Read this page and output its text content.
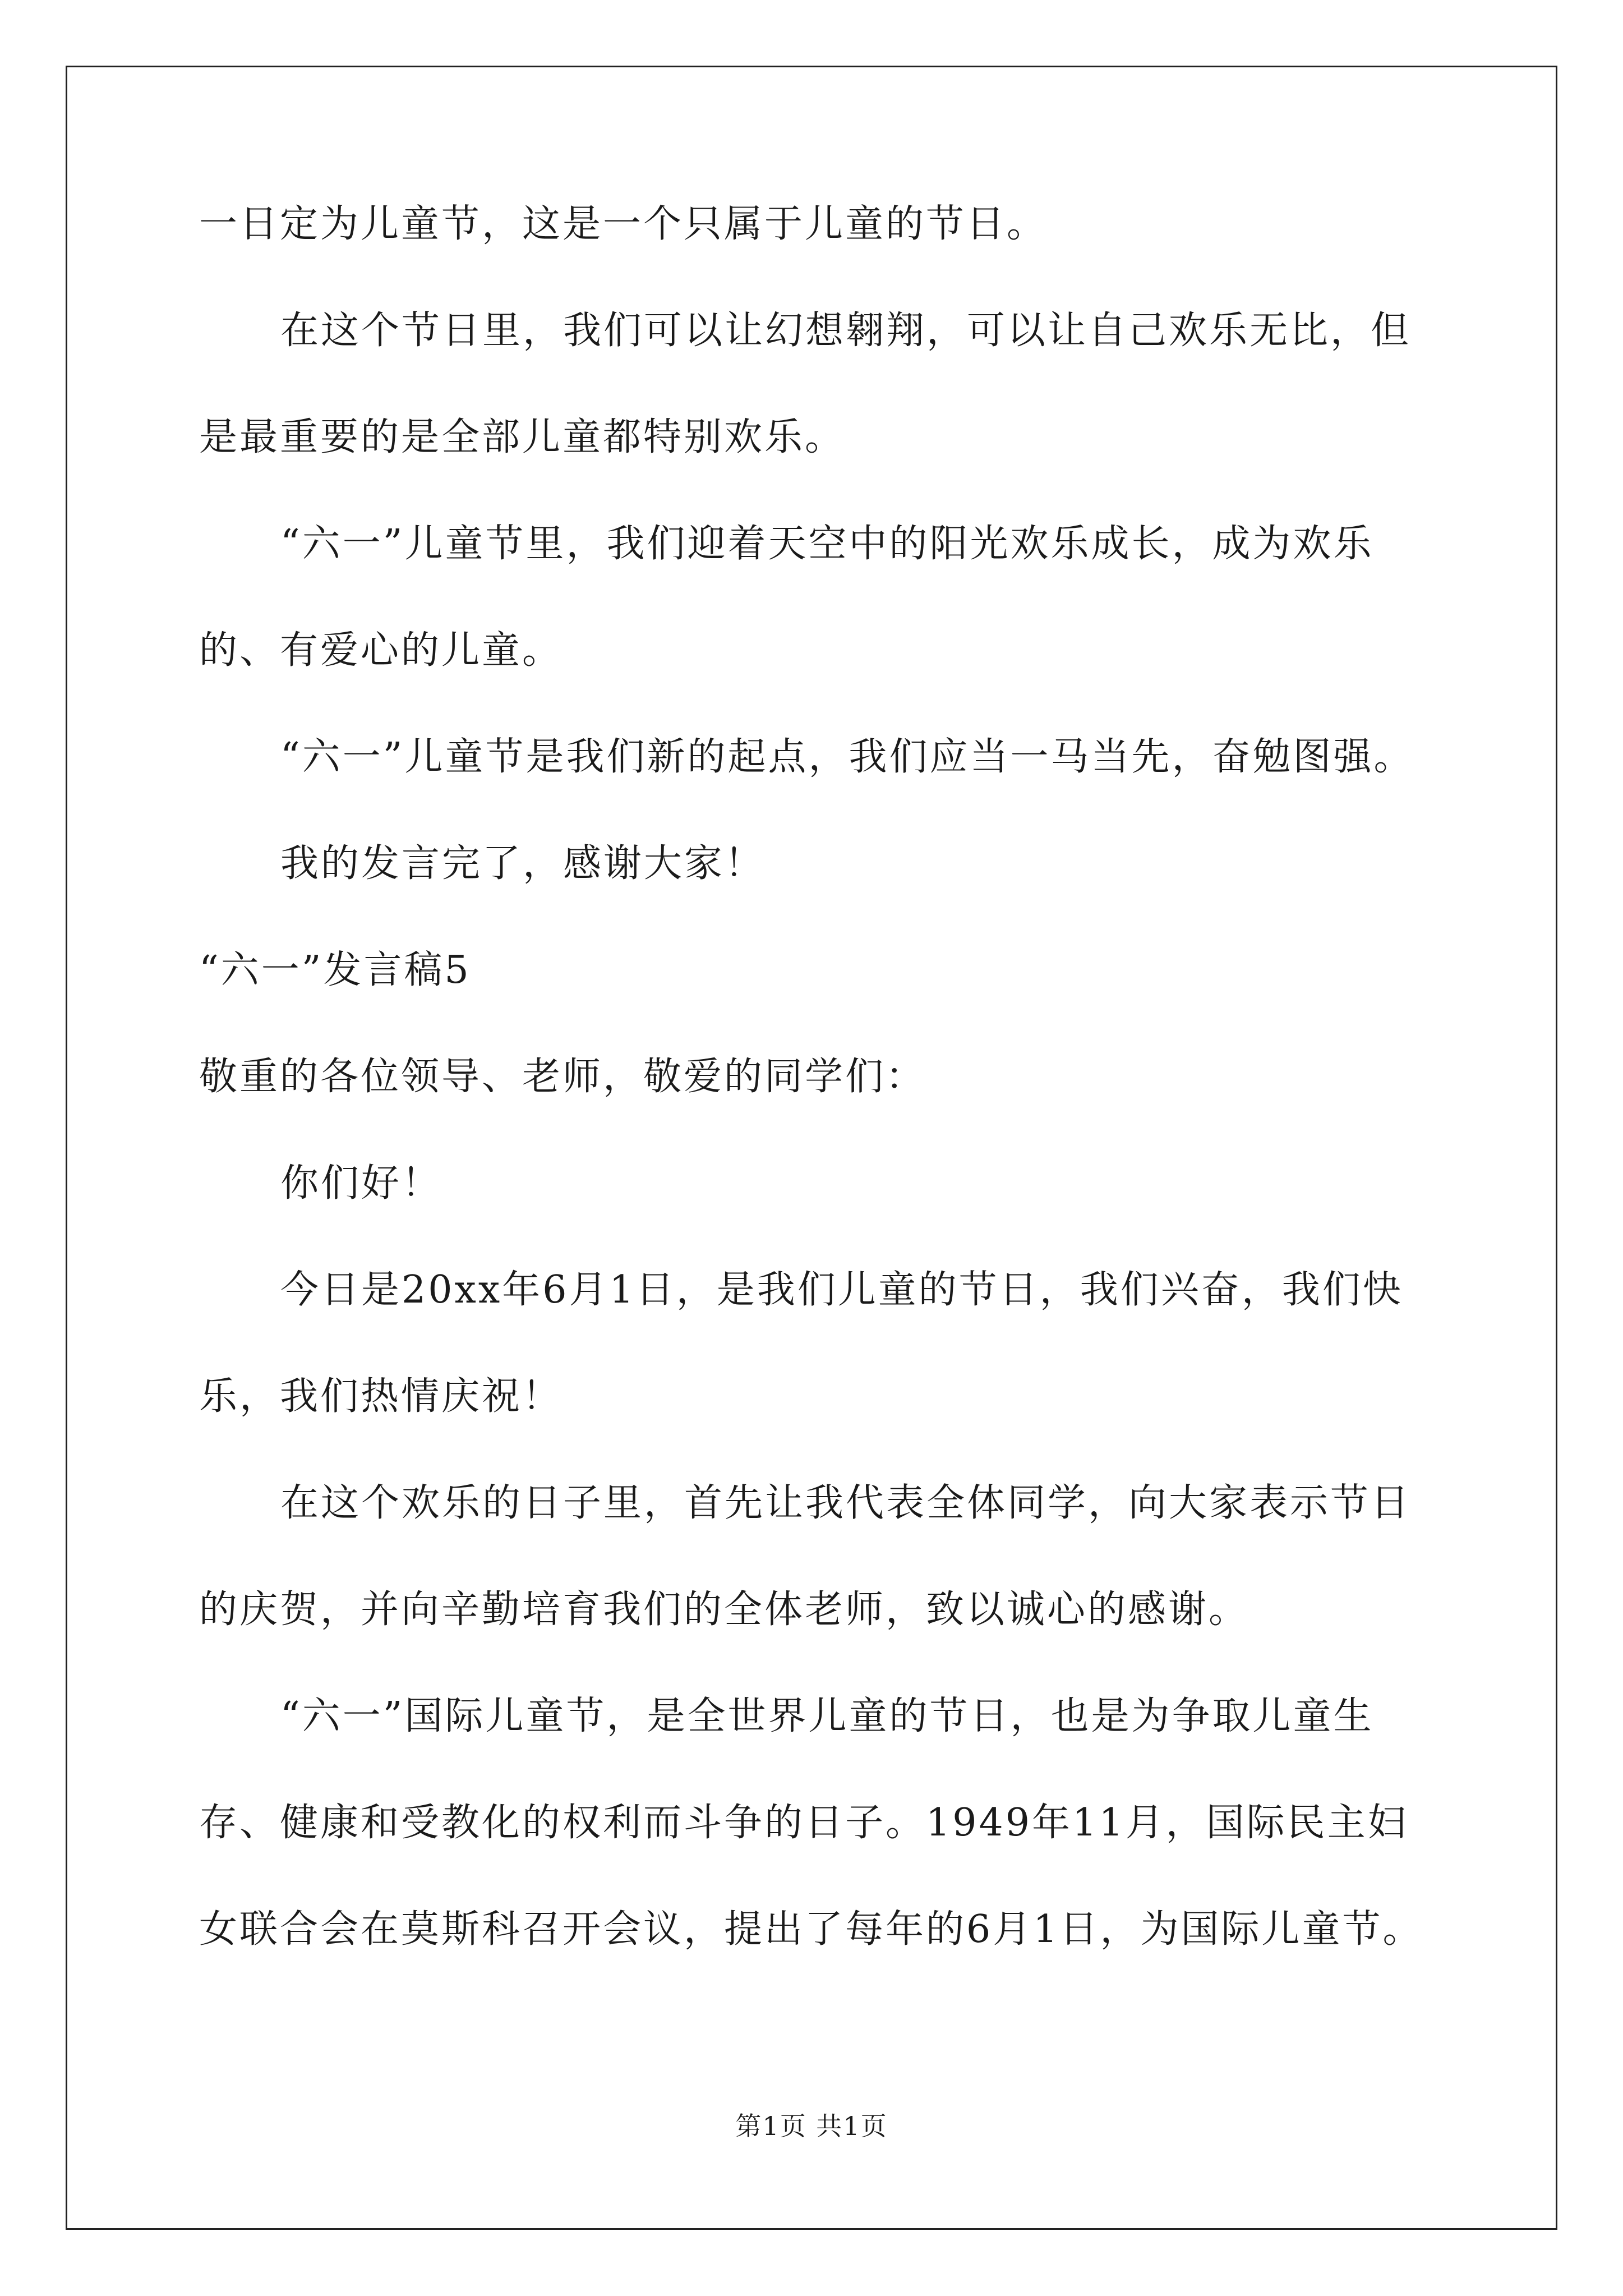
一日定为儿童节，这是一个只属于儿童的节日。
在这个节日里，我们可以让幻想翱翔，可以让自己欢乐无比，但
是最重要的是全部儿童都特别欢乐。
“六一”儿童节里，我们迎着天空中的阳光欢乐成长，成为欢乐
的、有爱心的儿童。
“六一”儿童节是我们新的起点，我们应当一马当先，奋勉图强。
我的发言完了，感谢大家！
“六一”发言稿5
敬重的各位领导、老师，敬爱的同学们：
你们好！
今日是20xx年6月1日，是我们儿童的节日，我们兴奋，我们快
乐，我们热情庆祝！
在这个欢乐的日子里，首先让我代表全体同学，向大家表示节日
的庆贺，并向辛勤培育我们的全体老师，致以诚心的感谢。
“六一”国际儿童节，是全世界儿童的节日，也是为争取儿童生
存、健康和受教化的权利而斗争的日子。1949年11月，国际民主妇
女联合会在莫斯科召开会议，提出了每年的6月1日，为国际儿童节。
第1页 共1页
